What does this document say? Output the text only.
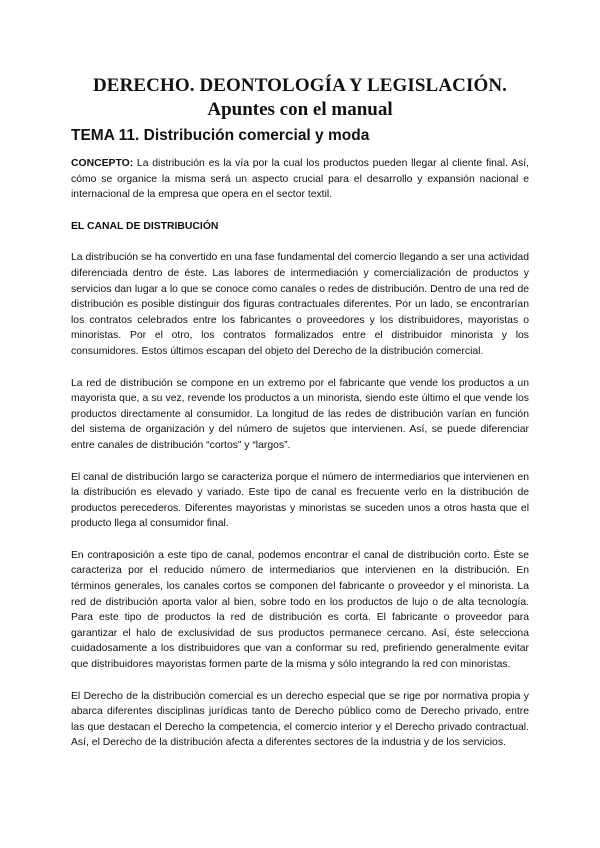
DERECHO. DEONTOLOGÍA Y LEGISLACIÓN.
Apuntes con el manual
TEMA 11. Distribución comercial y moda

CONCEPTO: La distribución es la vía por la cual los productos pueden llegar al cliente final. Así, cómo se organice la misma será un aspecto crucial para el desarrollo y expansión nacional e internacional de la empresa que opera en el sector textil.

EL CANAL DE DISTRIBUCIÓN

La distribución se ha convertido en una fase fundamental del comercio llegando a ser una actividad diferenciada dentro de éste. Las labores de intermediación y comercialización de productos y servicios dan lugar a lo que se conoce como canales o redes de distribución. Dentro de una red de distribución es posible distinguir dos figuras contractuales diferentes. Por un lado, se encontrarían los contratos celebrados entre los fabricantes o proveedores y los distribuidores, mayoristas o minoristas. Por el otro, los contratos formalizados entre el distribuidor minorista y los consumidores. Estos últimos escapan del objeto del Derecho de la distribución comercial.

La red de distribución se compone en un extremo por el fabricante que vende los productos a un mayorista que, a su vez, revende los productos a un minorista, siendo este último el que vende los productos directamente al consumidor. La longitud de las redes de distribución varían en función del sistema de organización y del número de sujetos que intervienen. Así, se puede diferenciar entre canales de distribución “cortos” y “largos”.

El canal de distribución largo se caracteriza porque el número de intermediarios que intervienen en la distribución es elevado y variado. Este tipo de canal es frecuente verlo en la distribución de productos perecederos. Diferentes mayoristas y minoristas se suceden unos a otros hasta que el producto llega al consumidor final.

En contraposición a este tipo de canal, podemos encontrar el canal de distribución corto. Éste se caracteriza por el reducido número de intermediarios que intervienen en la distribución. En términos generales, los canales cortos se componen del fabricante o proveedor y el minorista. La red de distribución aporta valor al bien, sobre todo en los productos de lujo o de alta tecnología. Para este tipo de productos la red de distribución es corta. El fabricante o proveedor para garantizar el halo de exclusividad de sus productos permanece cercano. Así, éste selecciona cuidadosamente a los distribuidores que van a conformar su red, prefiriendo generalmente evitar que distribuidores mayoristas formen parte de la misma y sólo integrando la red con minoristas.

El Derecho de la distribución comercial es un derecho especial que se rige por normativa propia y abarca diferentes disciplinas jurídicas tanto de Derecho público como de Derecho privado, entre las que destacan el Derecho la competencia, el comercio interior y el Derecho privado contractual. Así, el Derecho de la distribución afecta a diferentes sectores de la industria y de los servicios.
